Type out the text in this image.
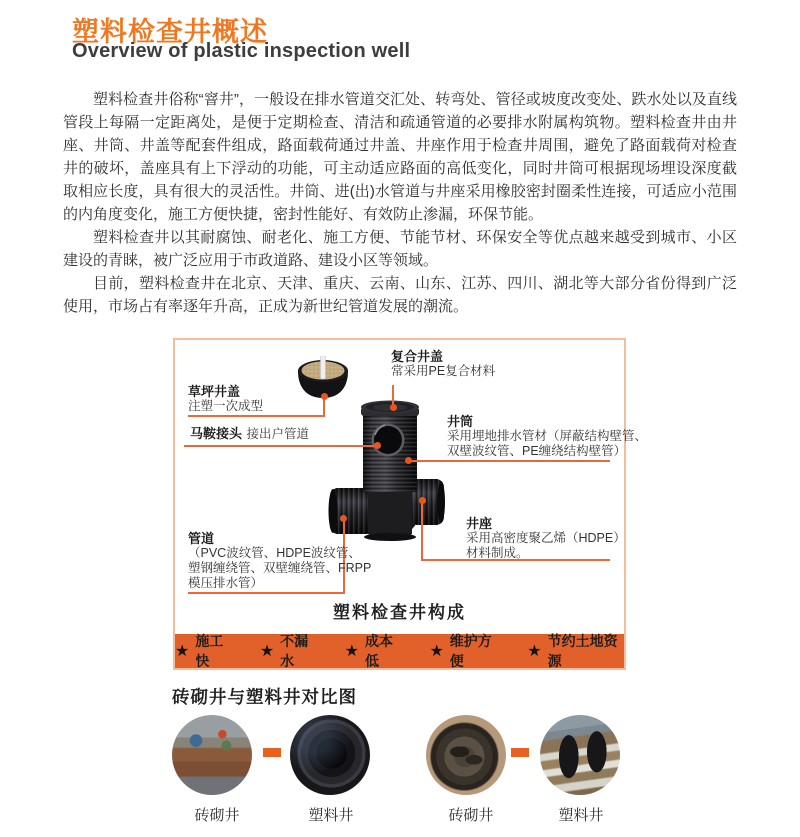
塑料检查井概述
Overview of plastic inspection well

塑料检查井俗称“窨井”，一般设在排水管道交汇处、转弯处、管径或坡度改变处、跌水处以及直线管段上每隔一定距离处，是便于定期检查、清洁和疏通管道的必要排水附属构筑物。塑料检查井由井座、井筒、井盖等配套件组成，路面载荷通过井盖、井座作用于检查井周围，避免了路面载荷对检查井的破坏，盖座具有上下浮动的功能，可主动适应路面的高低变化，同时井筒可根据现场埋设深度截取相应长度，具有很大的灵活性。井筒、进(出)水管道与井座采用橡胶密封圈柔性连接，可适应小范围的内角度变化，施工方便快捷，密封性能好、有效防止渗漏，环保节能。

塑料检查井以其耐腐蚀、耐老化、施工方便、节能节材、环保安全等优点越来越受到城市、小区建设的青睐，被广泛应用于市政道路、建设小区等领域。

目前，塑料检查井在北京、天津、重庆、云南、山东、江苏、四川、湖北等大部分省份得到广泛使用，市场占有率逐年升高，正成为新世纪管道发展的潮流。

复合井盖
常采用PE复合材料
草坪井盖
注塑一次成型
马鞍接头 接出户管道
井筒
采用埋地排水管材（屏蔽结构壁管、
双壁波纹管、PE缠绕结构壁管）
井座
采用高密度聚乙烯（HDPE）
材料制成。
管道
（PVC波纹管、HDPE波纹管、
塑钢缠绕管、双壁缠绕管、FRPP
模压排水管）
塑料检查井构成
★
施工快
★
不漏水
★
成本低
★
维护方便
★
节约土地资源
砖砌井与塑料井对比图
砖砌井	塑料井	砖砌井	塑料井
